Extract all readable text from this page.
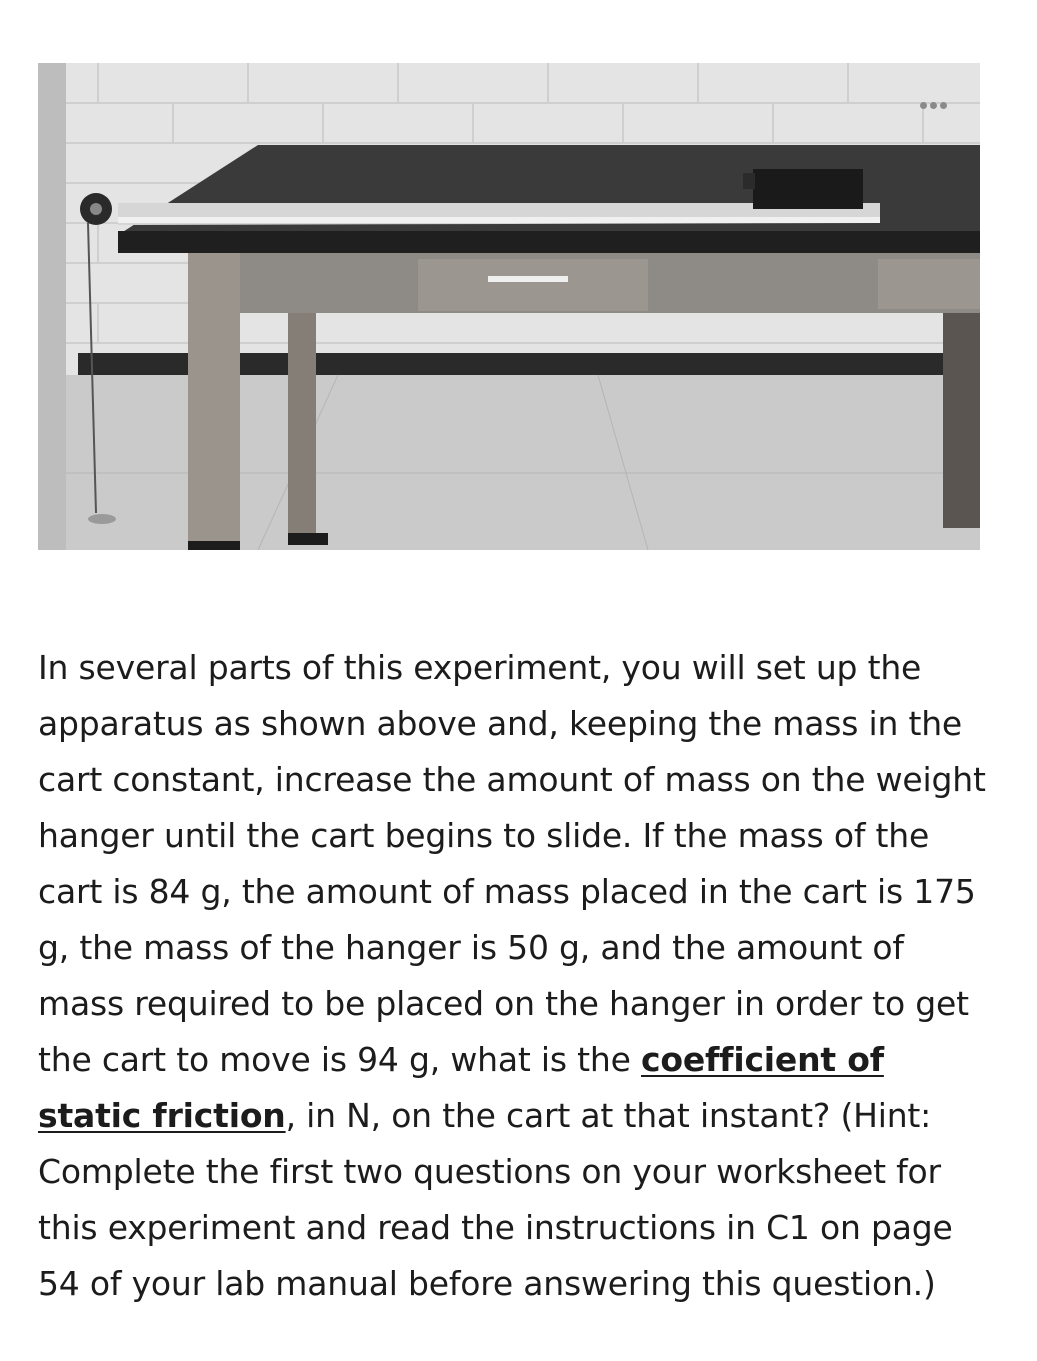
In several parts of this experiment, you will set up the apparatus as shown above and, keeping the mass in the cart constant, increase the amount of mass on the weight hanger until the cart begins to slide. If the mass of the cart is 84 g, the amount of mass placed in the cart is 175 g, the mass of the hanger is 50 g, and the amount of mass required to be placed on the hanger in order to get the cart to move is 94 g, what is the coefficient of static friction, in N, on the cart at that instant? (Hint: Complete the first two questions on your worksheet for this experiment and read the instructions in C1 on page 54 of your lab manual before answering this question.)
